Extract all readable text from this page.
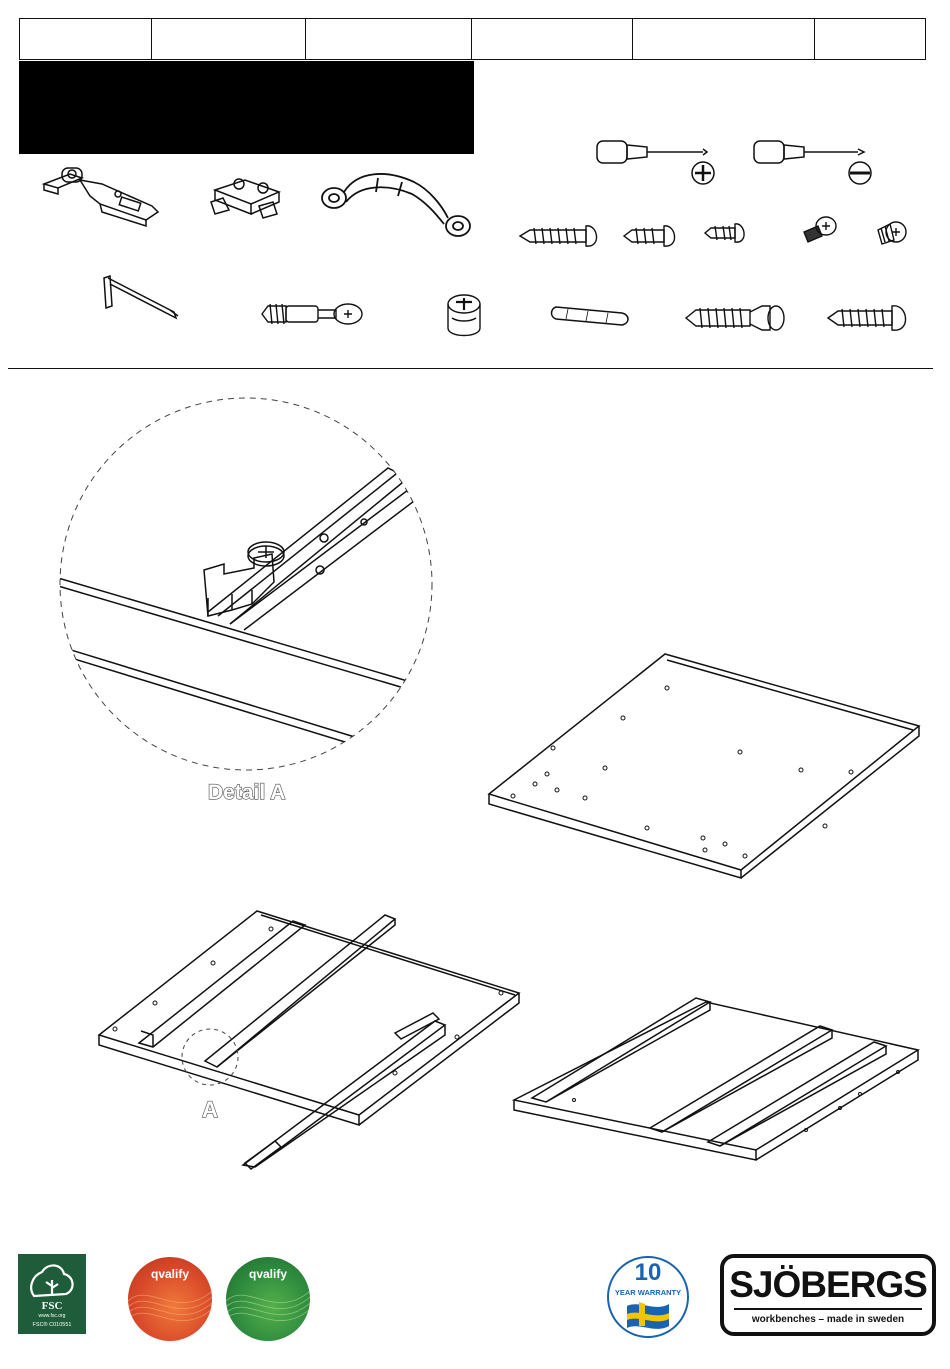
Detail A
A
FSC
www.fsc.org
FSC® C010551
qvalify	qvalify	10
YEAR WARRANTY SJÖBERGS
workbenches – made in sweden
